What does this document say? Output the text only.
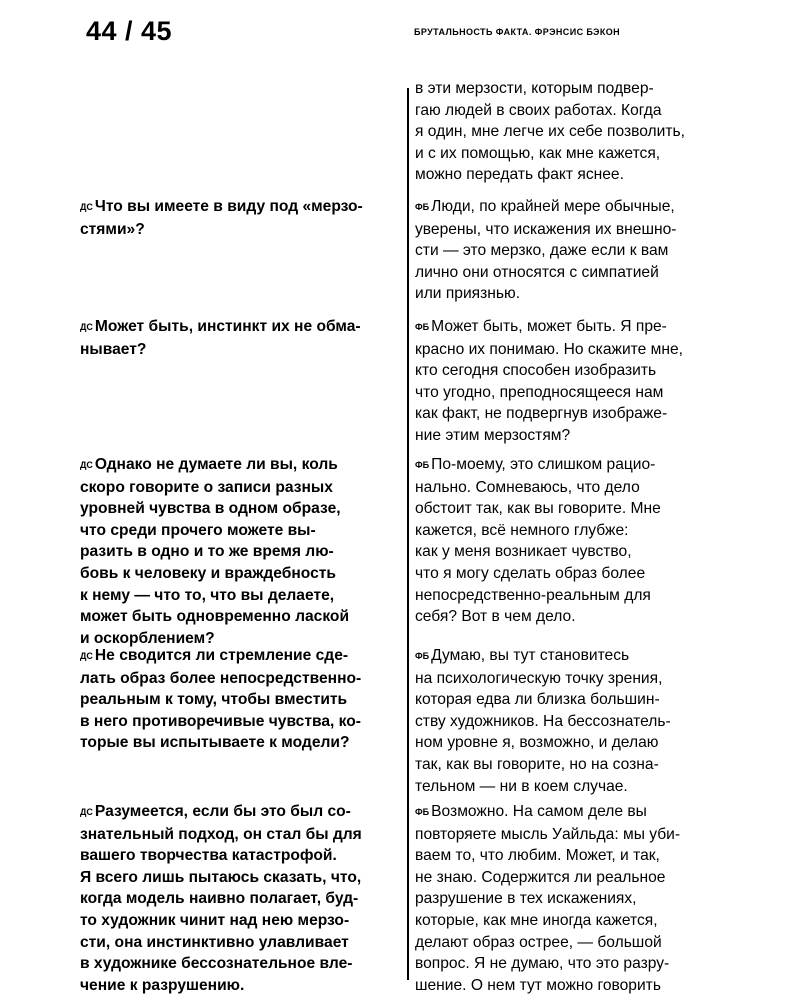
44 / 45	БРУТАЛЬНОСТЬ ФАКТА. ФРЭНСИС БЭКОН

ДС Что вы имеете в виду под «мерзо-
стями»?

ДС Может быть, инстинкт их не обма-
нывает?

ДС Однако не думаете ли вы, коль
скоро говорите о записи разных
уровней чувства в одном образе,
что среди прочего можете вы-
разить в одно и то же время лю-
бовь к человеку и враждебность
к нему — что то, что вы делаете,
может быть одновременно лаской
и оскорблением?

ДС Не сводится ли стремление сде-
лать образ более непосредственно-
реальным к тому, чтобы вместить
в него противоречивые чувства, ко-
торые вы испытываете к модели?

ДС Разумеется, если бы это был со-
знательный подход, он стал бы для
вашего творчества катастрофой.
Я всего лишь пытаюсь сказать, что,
когда модель наивно полагает, буд-
то художник чинит над нею мерзо-
сти, она инстинктивно улавливает
в художнике бессознательное вле-
чение к разрушению.

в эти мерзости, которым подвер-
гаю людей в своих работах. Когда
я один, мне легче их себе позволить,
и с их помощью, как мне кажется,
можно передать факт яснее.

ФБ Люди, по крайней мере обычные,
уверены, что искажения их внешно-
сти — это мерзко, даже если к вам
лично они относятся с симпатией
или приязнью.

ФБ Может быть, может быть. Я пре-
красно их понимаю. Но скажите мне,
кто сегодня способен изобразить
что угодно, преподносящееся нам
как факт, не подвергнув изображе-
ние этим мерзостям?

ФБ По-моему, это слишком рацио-
нально. Сомневаюсь, что дело
обстоит так, как вы говорите. Мне
кажется, всё немного глубже:
как у меня возникает чувство,
что я могу сделать образ более
непосредственно-реальным для
себя? Вот в чем дело.

ФБ Думаю, вы тут становитесь
на психологическую точку зрения,
которая едва ли близка большин-
ству художников. На бессознатель-
ном уровне я, возможно, и делаю
так, как вы говорите, но на созна-
тельном — ни в коем случае.

ФБ Возможно. На самом деле вы
повторяете мысль Уайльда: мы уби-
ваем то, что любим. Может, и так,
не знаю. Содержится ли реальное
разрушение в тех искажениях,
которые, как мне иногда кажется,
делают образ острее, — большой
вопрос. Я не думаю, что это разру-
шение. О нем тут можно говорить
